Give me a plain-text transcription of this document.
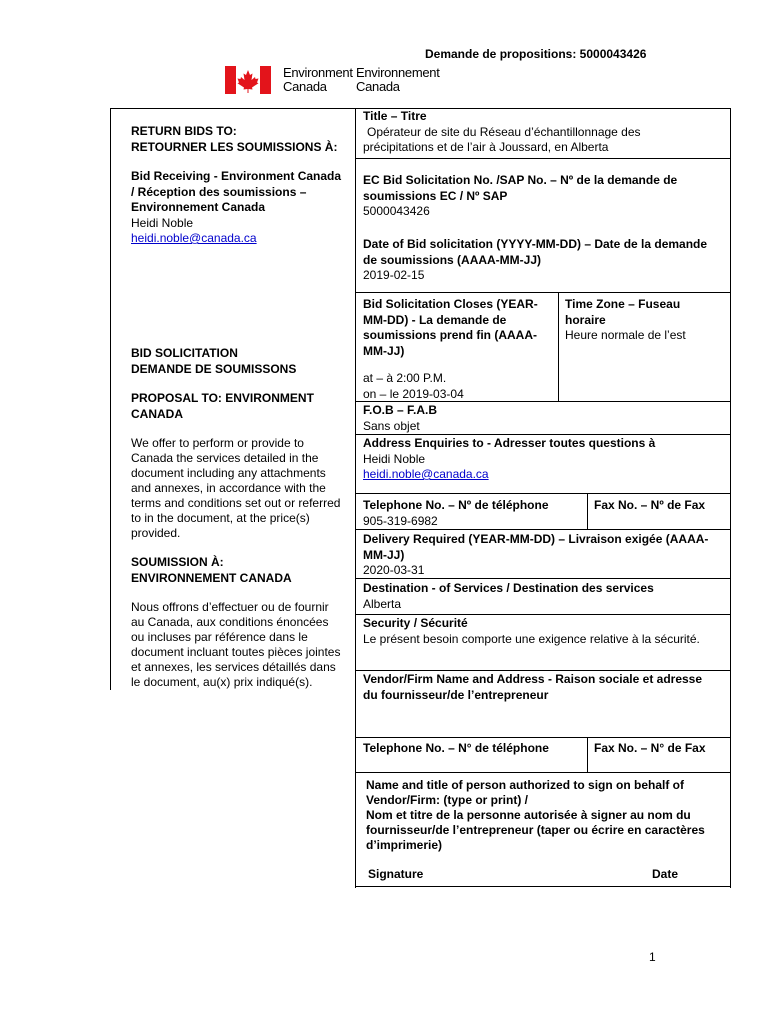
Demande de propositions: 5000043426
Environment
Canada
Environnement
Canada
RETURN BIDS TO:
RETOURNER LES SOUMISSIONS À:
Bid Receiving - Environment Canada
/ Réception des soumissions –
Environnement Canada
Heidi Noble
heidi.noble@canada.ca
BID SOLICITATION
DEMANDE DE SOUMISSONS
PROPOSAL TO: ENVIRONMENT
CANADA
We offer to perform or provide to
Canada the services detailed in the
document including any attachments
and annexes, in accordance with the
terms and conditions set out or referred
to in the document, at the price(s)
provided.
SOUMISSION À:
ENVIRONNEMENT CANADA
Nous offrons d’effectuer ou de fournir
au Canada, aux conditions énoncées
ou incluses par référence dans le
document incluant toutes pièces jointes
et annexes, les services détaillés dans
le document, au(x) prix indiqué(s).
Title – Titre
Opérateur de site du Réseau d’échantillonnage des
précipitations et de l’air à Joussard, en Alberta
EC Bid Solicitation No. /SAP No. – Nº de la demande de
soumissions EC / Nº SAP
5000043426
Date of Bid solicitation (YYYY-MM-DD) – Date de la demande
de soumissions (AAAA-MM-JJ)
2019-02-15
Bid Solicitation Closes (YEAR-
MM-DD) - La demande de
soumissions prend fin (AAAA-
MM-JJ)
at – à 2:00 P.M.
on – le 2019-03-04
Time Zone – Fuseau
horaire
Heure normale de l’est
F.O.B – F.A.B
Sans objet
Address Enquiries to - Adresser toutes questions à
Heidi Noble
heidi.noble@canada.ca
Telephone No. – Nº de téléphone
905-319-6982
Fax No. – Nº de Fax
Delivery Required (YEAR-MM-DD) – Livraison exigée (AAAA-
MM-JJ)
2020-03-31
Destination - of Services / Destination des services
Alberta
Security / Sécurité
Le présent besoin comporte une exigence relative à la sécurité.
Vendor/Firm Name and Address - Raison sociale et adresse
du fournisseur/de l’entrepreneur
Telephone No. – N° de téléphone	Fax No. – N° de Fax
Name and title of person authorized to sign on behalf of
Vendor/Firm: (type or print) /
Nom et titre de la personne autorisée à signer au nom du
fournisseur/de l’entrepreneur (taper ou écrire en caractères
d’imprimerie)
Signature	Date
1
